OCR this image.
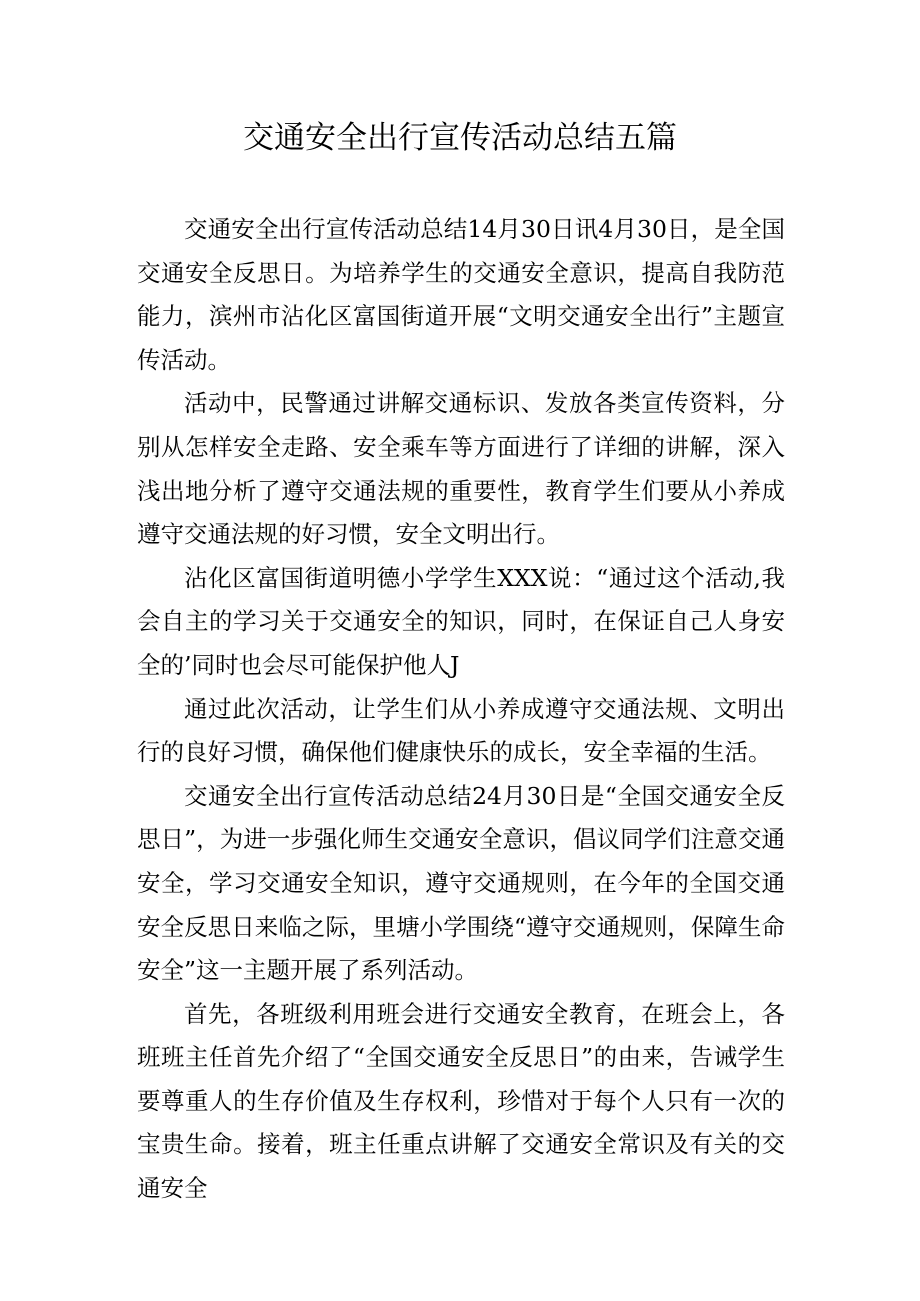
交通安全出行宣传活动总结五篇

交通安全出行宣传活动总结14月30日讯4月30日，是全国交通安全反思日。为培养学生的交通安全意识，提高自我防范能力，滨州市沾化区富国街道开展“文明交通安全出行”主题宣传活动。

活动中，民警通过讲解交通标识、发放各类宣传资料，分别从怎样安全走路、安全乘车等方面进行了详细的讲解，深入浅出地分析了遵守交通法规的重要性，教育学生们要从小养成遵守交通法规的好习惯，安全文明出行。

沾化区富国街道明德小学学生XXX说：“通过这个活动,我会自主的学习关于交通安全的知识，同时，在保证自己人身安全的’同时也会尽可能保护他人J

通过此次活动，让学生们从小养成遵守交通法规、文明出行的良好习惯，确保他们健康快乐的成长，安全幸福的生活。

交通安全出行宣传活动总结24月30日是“全国交通安全反思日”，为进一步强化师生交通安全意识，倡议同学们注意交通安全，学习交通安全知识，遵守交通规则，在今年的全国交通安全反思日来临之际，里塘小学围绕“遵守交通规则，保障生命安全”这一主题开展了系列活动。

首先，各班级利用班会进行交通安全教育，在班会上，各班班主任首先介绍了“全国交通安全反思日”的由来，告诫学生要尊重人的生存价值及生存权利，珍惜对于每个人只有一次的宝贵生命。接着，班主任重点讲解了交通安全常识及有关的交通安全
